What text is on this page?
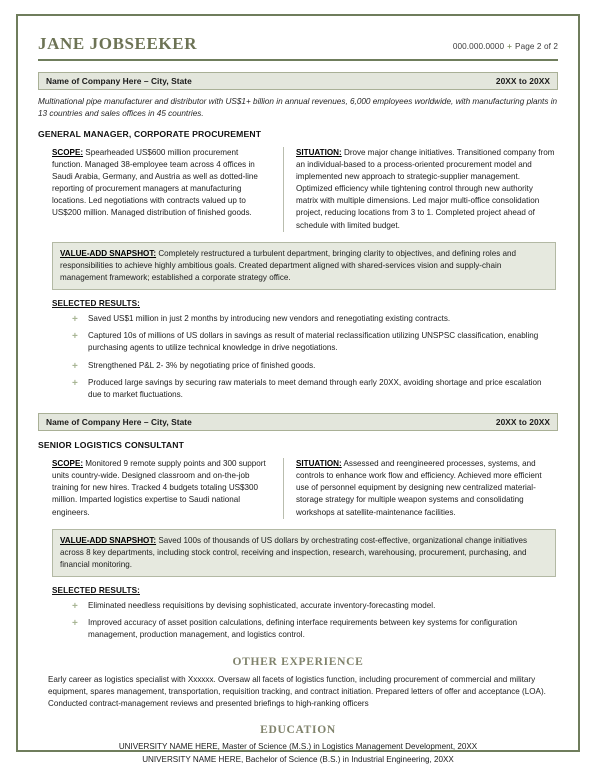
JANE JOBSEEKER	000.000.0000 + Page 2 of 2
Name of Company Here – City, State	20XX to 20XX
Multinational pipe manufacturer and distributor with US$1+ billion in annual revenues, 6,000 employees worldwide, with manufacturing plants in 13 countries and sales offices in 45 countries.
GENERAL MANAGER, CORPORATE PROCUREMENT

SCOPE: Spearheaded US$600 million procurement function. Managed 38-employee team across 4 offices in Saudi Arabia, Germany, and Austria as well as dotted-line reporting of procurement managers at manufacturing locations. Led negotiations with contracts valued up to US$200 million. Managed distribution of finished goods.

SITUATION: Drove major change initiatives. Transitioned company from an individual-based to a process-oriented procurement model and implemented new approach to strategic-supplier management. Optimized efficiency while tightening control through new authority matrix with multiple dimensions. Led major multi-office consolidation project, reducing locations from 3 to 1. Completed project ahead of schedule with limited budget.

VALUE-ADD SNAPSHOT: Completely restructured a turbulent department, bringing clarity to objectives, and defining roles and responsibilities to achieve highly ambitious goals. Created department aligned with shared-services vision and supply-chain management framework; established a corporate strategy office.

SELECTED RESULTS:
+ Saved US$1 million in just 2 months by introducing new vendors and renegotiating existing contracts.
+ Captured 10s of millions of US dollars in savings as result of material reclassification utilizing UNSPSC classification, enabling purchasing agents to utilize technical knowledge in drive negotiations.
+ Strengthened P&L 2- 3% by negotiating price of finished goods.
+ Produced large savings by securing raw materials to meet demand through early 20XX, avoiding shortage and price escalation due to market fluctuations.
Name of Company Here – City, State	20XX to 20XX
SENIOR LOGISTICS CONSULTANT

SCOPE: Monitored 9 remote supply points and 300 support units country-wide. Designed classroom and on-the-job training for new hires. Tracked 4 budgets totaling US$300 million. Imparted logistics expertise to Saudi national engineers.

SITUATION: Assessed and reengineered processes, systems, and controls to enhance work flow and efficiency. Achieved more efficient use of personnel equipment by designing new centralized material-storage strategy for multiple weapon systems and consolidating workshops at satellite-maintenance facilities.

VALUE-ADD SNAPSHOT: Saved 100s of thousands of US dollars by orchestrating cost-effective, organizational change initiatives across 8 key departments, including stock control, receiving and inspection, research, warehousing, procurement, purchasing, and financial monitoring.

SELECTED RESULTS:
+ Eliminated needless requisitions by devising sophisticated, accurate inventory-forecasting model.
+ Improved accuracy of asset position calculations, defining interface requirements between key systems for configuration management, production management, and logistics control.
OTHER EXPERIENCE
Early career as logistics specialist with Xxxxxx. Oversaw all facets of logistics function, including procurement of commercial and military equipment, spares management, transportation, requisition tracking, and contract initiation. Prepared letters of offer and acceptance (LOA). Conducted contract-management reviews and presented briefings to high-ranking officers
EDUCATION
UNIVERSITY NAME HERE, Master of Science (M.S.) in Logistics Management Development, 20XX
UNIVERSITY NAME HERE, Bachelor of Science (B.S.) in Industrial Engineering, 20XX
